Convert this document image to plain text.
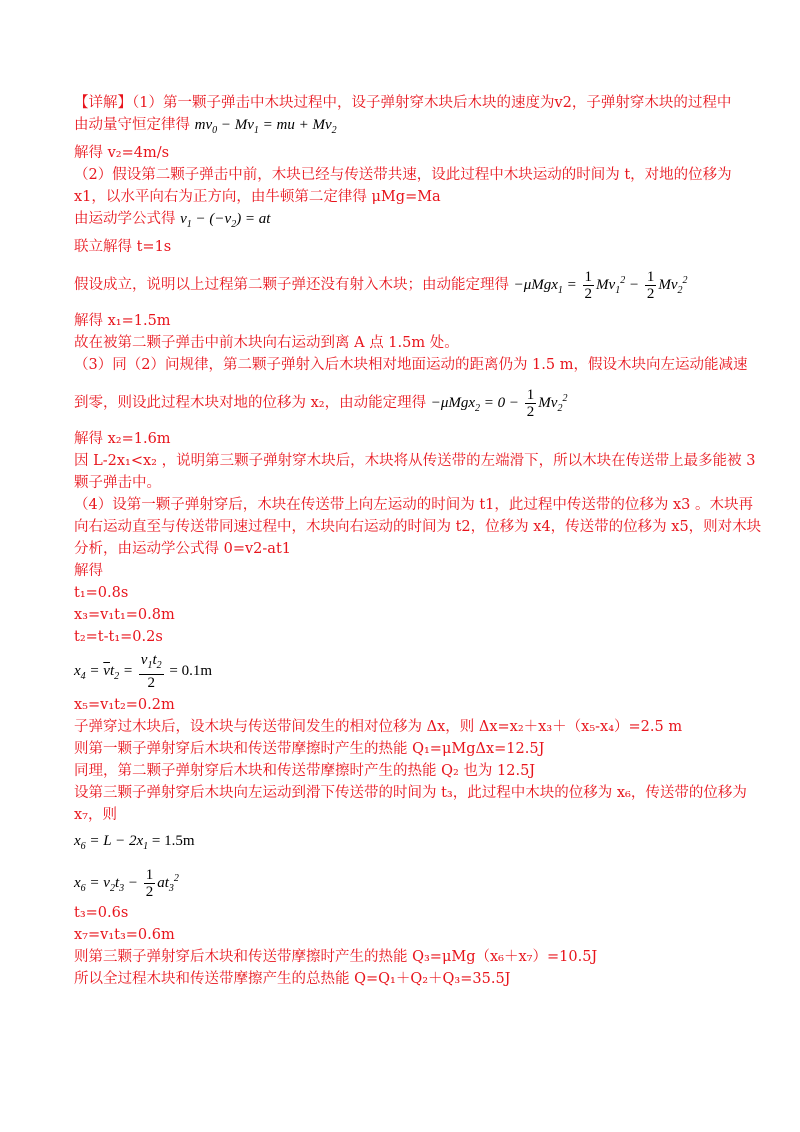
【详解】（1）第一颗子弹击中木块过程中，设子弹射穿木块后木块的速度为v2，子弹射穿木块的过程中
由动量守恒定律得 $mv_0 - Mv_1$ = mu + $Mv_2$
解得 v₂=4m/s
（2）假设第二颗子弹击中前，木块已经与传送带共速，设此过程中木块运动的时间为 t，对地的位移为
x1，以水平向右为正方向，由牛顿第二定律得 μMg=Ma
由运动学公式得 $v_1 - (-v_2)$ = at
联立解得 t=1s
假设成立，说明以上过程第二颗子弹还没有射入木块；由动能定理得 $-\mu Mgx_1 = \frac{1}{2} Mv_1^2 - \frac{1}{2} Mv_2^2$
解得 x₁=1.5m
故在被第二颗子弹击中前木块向右运动到离 A 点 1.5m 处。
（3）同（2）问规律，第二颗子弹射入后木块相对地面运动的距离仍为 1.5 m，假设木块向左运动能减速
到零，则设此过程木块对地的位移为 x₂，由动能定理得 $-\mu Mgx_2 = 0 - \frac{1}{2} Mv_2^2$
解得 x₂=1.6m
因 L-2x₁<x₂ ，说明第三颗子弹射穿木块后，木块将从传送带的左端滑下，所以木块在传送带上最多能被 3
颗子弹击中。
（4）设第一颗子弹射穿后，木块在传送带上向左运动的时间为 t1，此过程中传送带的位移为 x3 。木块再
向右运动直至与传送带同速过程中，木块向右运动的时间为 t2，位移为 x4，传送带的位移为 x5，则对木块
分析，由运动学公式得 0=v2-at1
解得
t₁=0.8s
x₃=v₁t₁=0.8m
t₂=t-t₁=0.2s
$x_4 = \overline{v}t_2 = \frac{v_1t_2}{2} = 0.1m$
x₅=v₁t₂=0.2m
子弹穿过木块后，设木块与传送带间发生的相对位移为 Δx，则 Δx=x₂＋x₃＋（x₅-x₄）=2.5 m
则第一颗子弹射穿后木块和传送带摩擦时产生的热能 Q₁=μMgΔx=12.5J
同理，第二颗子弹射穿后木块和传送带摩擦时产生的热能 Q₂ 也为 12.5J
设第三颗子弹射穿后木块向左运动到滑下传送带的时间为 t₃，此过程中木块的位移为 x₆，传送带的位移为
x₇，则
$x_6 = L - 2x_1 = 1.5m$
$x_6 = v_2t_3 - \frac{1}{2} at_3^2$
t₃=0.6s
x₇=v₁t₃=0.6m
则第三颗子弹射穿后木块和传送带摩擦时产生的热能 Q₃=μMg（x₆＋x₇）=10.5J
所以全过程木块和传送带摩擦产生的总热能 Q=Q₁＋Q₂＋Q₃=35.5J
